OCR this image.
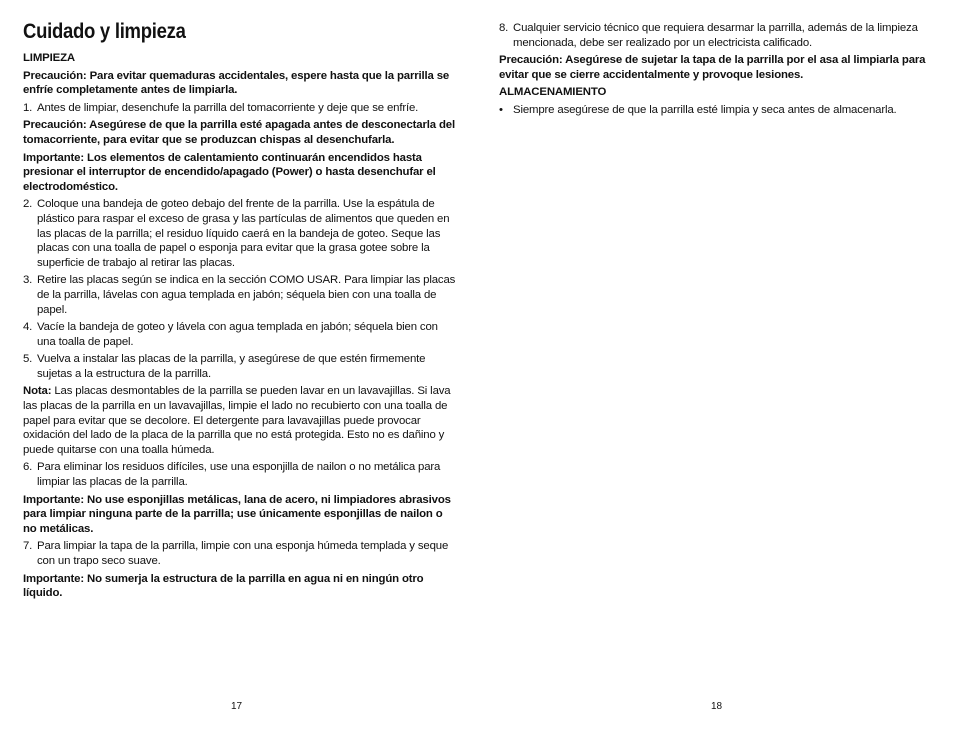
Cuidado y limpieza

LIMPIEZA

Precaución: Para evitar quemaduras accidentales, espere hasta que la parrilla se enfríe completamente antes de limpiarla.

1. Antes de limpiar, desenchufe la parrilla del tomacorriente y deje que se enfríe.

Precaución: Asegúrese de que la parrilla esté apagada antes de desconectarla del tomacorriente, para evitar que se produzcan chispas al desenchufarla.

Importante: Los elementos de calentamiento continuarán encendidos hasta presionar el interruptor de encendido/apagado (Power) o hasta desenchufar el electrodoméstico.

2. Coloque una bandeja de goteo debajo del frente de la parrilla. Use la espátula de plástico para raspar el exceso de grasa y las partículas de alimentos que queden en las placas de la parrilla; el residuo líquido caerá en la bandeja de goteo. Seque las placas con una toalla de papel o esponja para evitar que la grasa gotee sobre la superficie de trabajo al retirar las placas.

3. Retire las placas según se indica en la sección COMO USAR. Para limpiar las placas de la parrilla, lávelas con agua templada en jabón; séquela bien con una toalla de papel.

4. Vacíe la bandeja de goteo y lávela con agua templada en jabón; séquela bien con una toalla de papel.

5. Vuelva a instalar las placas de la parrilla, y asegúrese de que estén firmemente sujetas a la estructura de la parrilla.

Nota: Las placas desmontables de la parrilla se pueden lavar en un lavavajillas. Si lava las placas de la parrilla en un lavavajillas, limpie el lado no recubierto con una toalla de papel para evitar que se decolore. El detergente para lavavajillas puede provocar oxidación del lado de la placa de la parrilla que no está protegida. Esto no es dañino y puede quitarse con una toalla húmeda.

6. Para eliminar los residuos difíciles, use una esponjilla de nailon o no metálica para limpiar las placas de la parrilla.

Importante: No use esponjillas metálicas, lana de acero, ni limpiadores abrasivos para limpiar ninguna parte de la parrilla; use únicamente esponjillas de nailon o no metálicas.

7. Para limpiar la tapa de la parrilla, limpie con una esponja húmeda templada y seque con un trapo seco suave.

Importante: No sumerja la estructura de la parrilla en agua ni en ningún otro líquido.

17

8. Cualquier servicio técnico que requiera desarmar la parrilla, además de la limpieza mencionada, debe ser realizado por un electricista calificado.

Precaución: Asegúrese de sujetar la tapa de la parrilla por el asa al limpiarla para evitar que se cierre accidentalmente y provoque lesiones.

ALMACENAMIENTO

• Siempre asegúrese de que la parrilla esté limpia y seca antes de almacenarla.

18
